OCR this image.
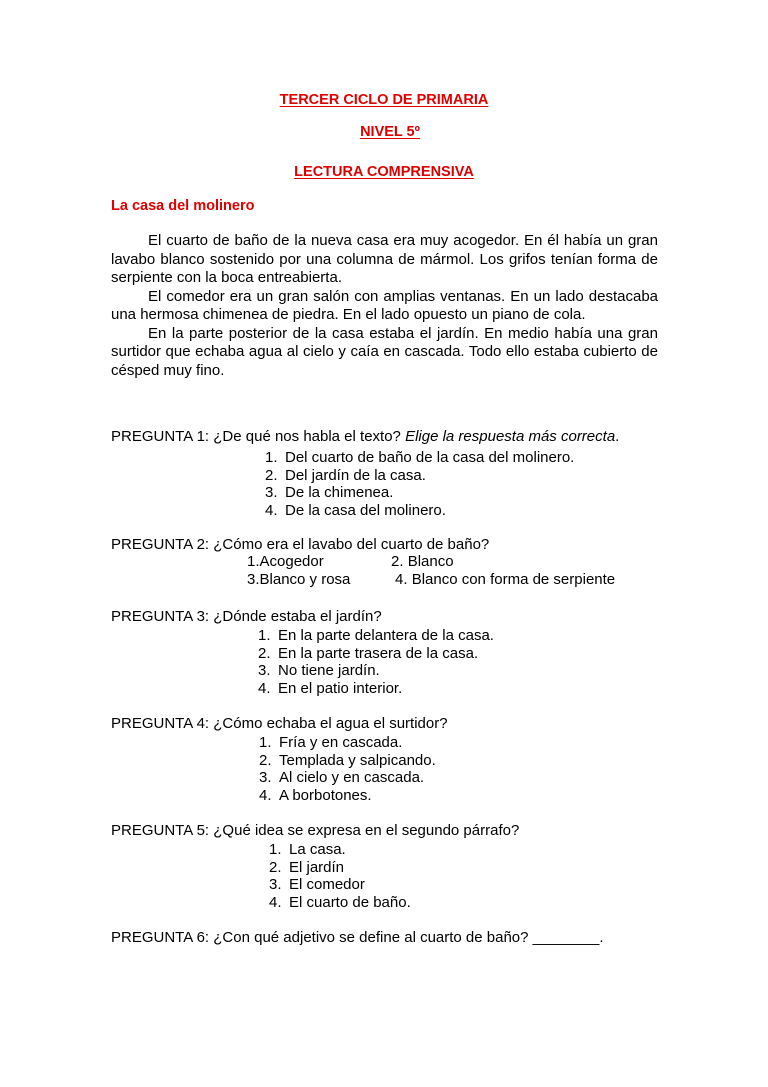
TERCER CICLO DE PRIMARIA
NIVEL 5º
LECTURA COMPRENSIVA
La casa del molinero

El cuarto de baño de la nueva casa era muy acogedor. En él había un gran lavabo blanco sostenido por una columna de mármol. Los grifos tenían forma de serpiente con la boca entreabierta.

El comedor era un gran salón con amplias ventanas. En un lado destacaba una hermosa chimenea de piedra. En el lado opuesto un piano de cola.

En la parte posterior de la casa estaba el jardín. En medio había una gran surtidor que echaba agua al cielo y caía en cascada. Todo ello estaba cubierto de césped muy fino.

PREGUNTA 1: ¿De qué nos habla el texto? Elige la respuesta más correcta.
1. Del cuarto de baño de la casa del molinero.
2. Del jardín de la casa.
3. De la chimenea.
4. De la casa del molinero.
PREGUNTA 2: ¿Cómo era el lavabo del cuarto de baño?
1.Acogedor	2. Blanco
3.Blanco y rosa	4. Blanco con forma de serpiente
PREGUNTA 3: ¿Dónde estaba el jardín?
1. En la parte delantera de la casa.
2. En la parte trasera de la casa.
3. No tiene jardín.
4. En el patio interior.
PREGUNTA 4: ¿Cómo echaba el agua el surtidor?
1. Fría y en cascada.
2. Templada y salpicando.
3. Al cielo y en cascada.
4. A borbotones.
PREGUNTA 5: ¿Qué idea se expresa en el segundo párrafo?
1. La casa.
2. El jardín
3. El comedor
4. El cuarto de baño.
PREGUNTA 6: ¿Con qué adjetivo se define al cuarto de baño? ________.
